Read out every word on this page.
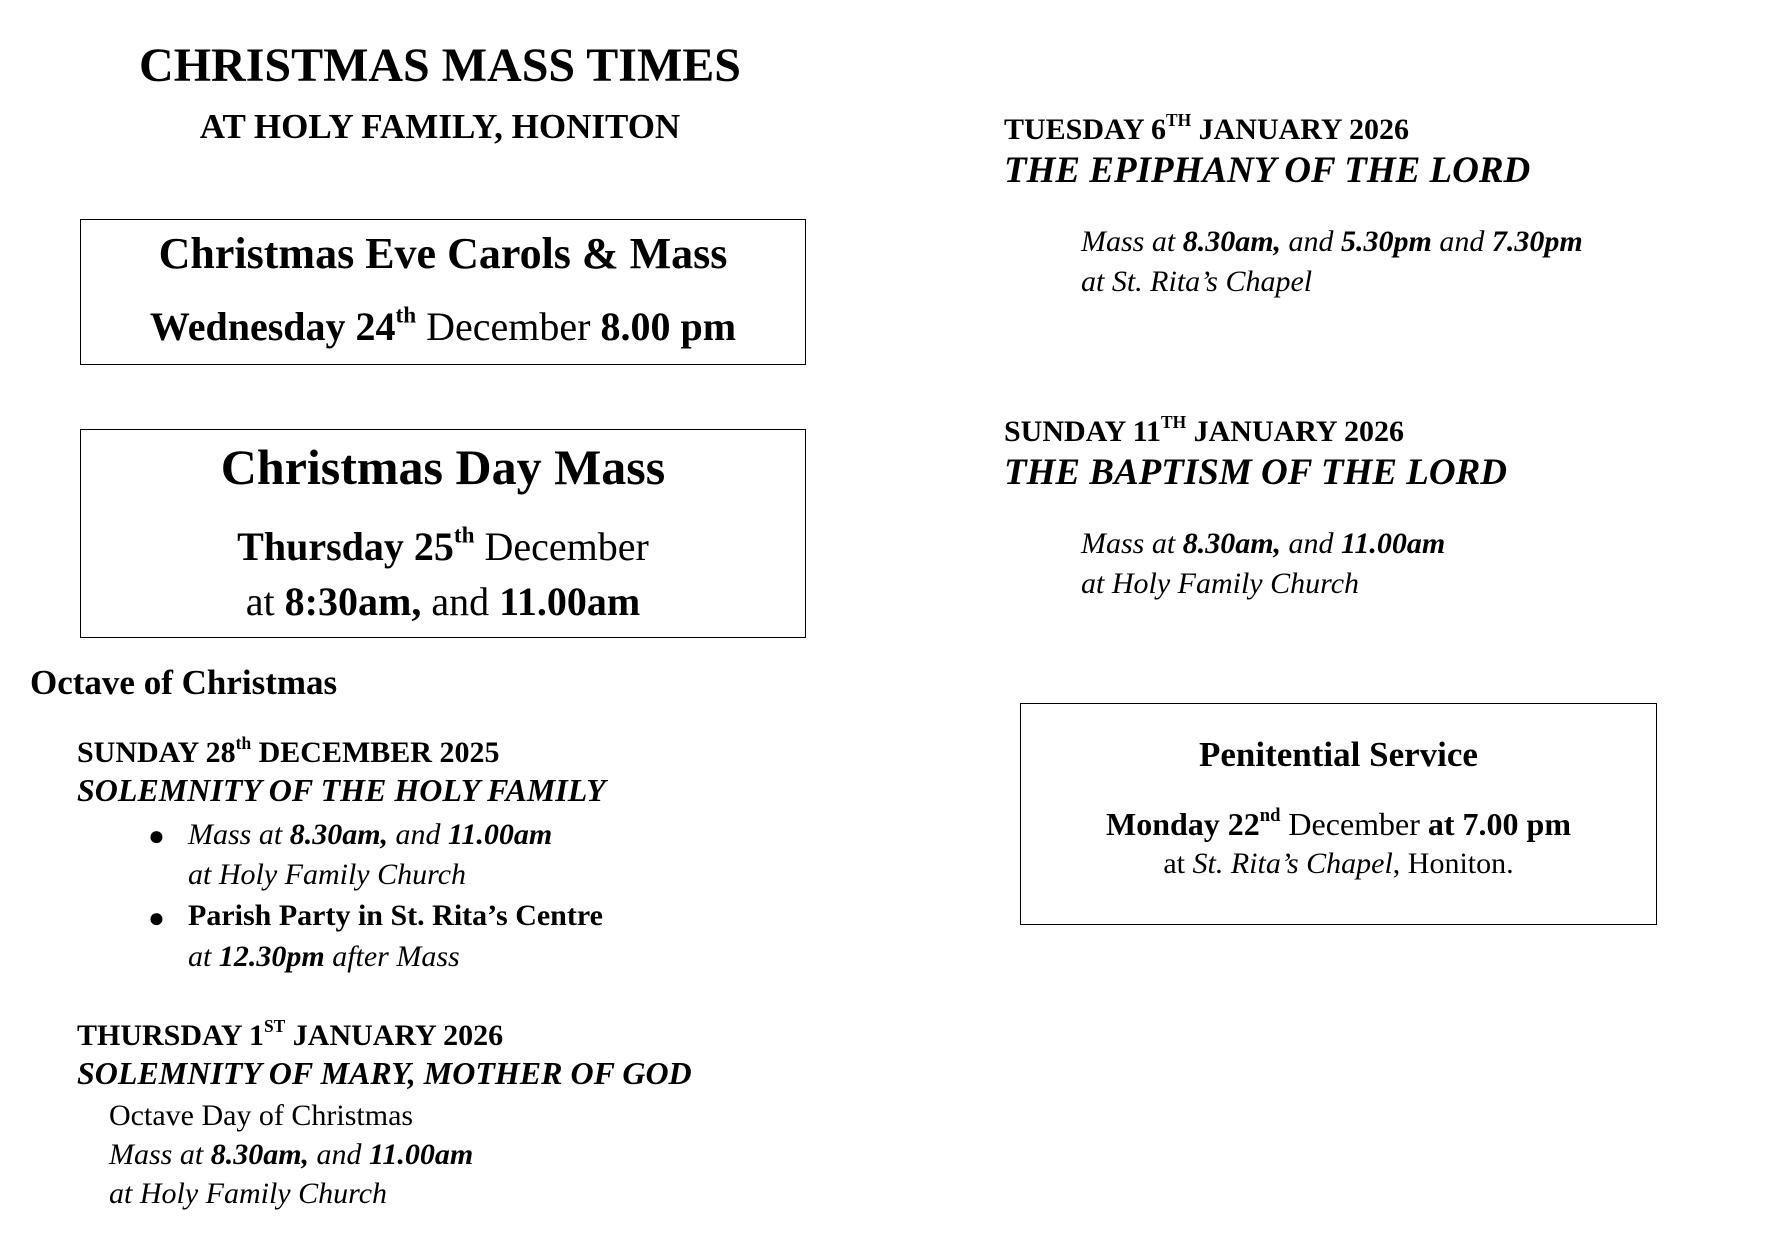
CHRISTMAS MASS TIMES
AT HOLY FAMILY, HONITON
Christmas Eve Carols & Mass
Wednesday 24th December 8.00 pm
Christmas Day Mass
Thursday 25th December
at 8:30am, and 11.00am
Octave of Christmas
SUNDAY 28th DECEMBER 2025
SOLEMNITY OF THE HOLY FAMILY
● Mass at 8.30am, and 11.00am
at Holy Family Church
● Parish Party in St. Rita’s Centre
at 12.30pm after Mass
THURSDAY 1ST JANUARY 2026
SOLEMNITY OF MARY, MOTHER OF GOD
Octave Day of Christmas
Mass at 8.30am, and 11.00am
at Holy Family Church
TUESDAY 6TH JANUARY 2026
THE EPIPHANY OF THE LORD
Mass at 8.30am, and 5.30pm and 7.30pm
at St. Rita’s Chapel
SUNDAY 11TH JANUARY 2026
THE BAPTISM OF THE LORD
Mass at 8.30am, and 11.00am
at Holy Family Church
Penitential Service
Monday 22nd December at 7.00 pm
at St. Rita’s Chapel, Honiton.
